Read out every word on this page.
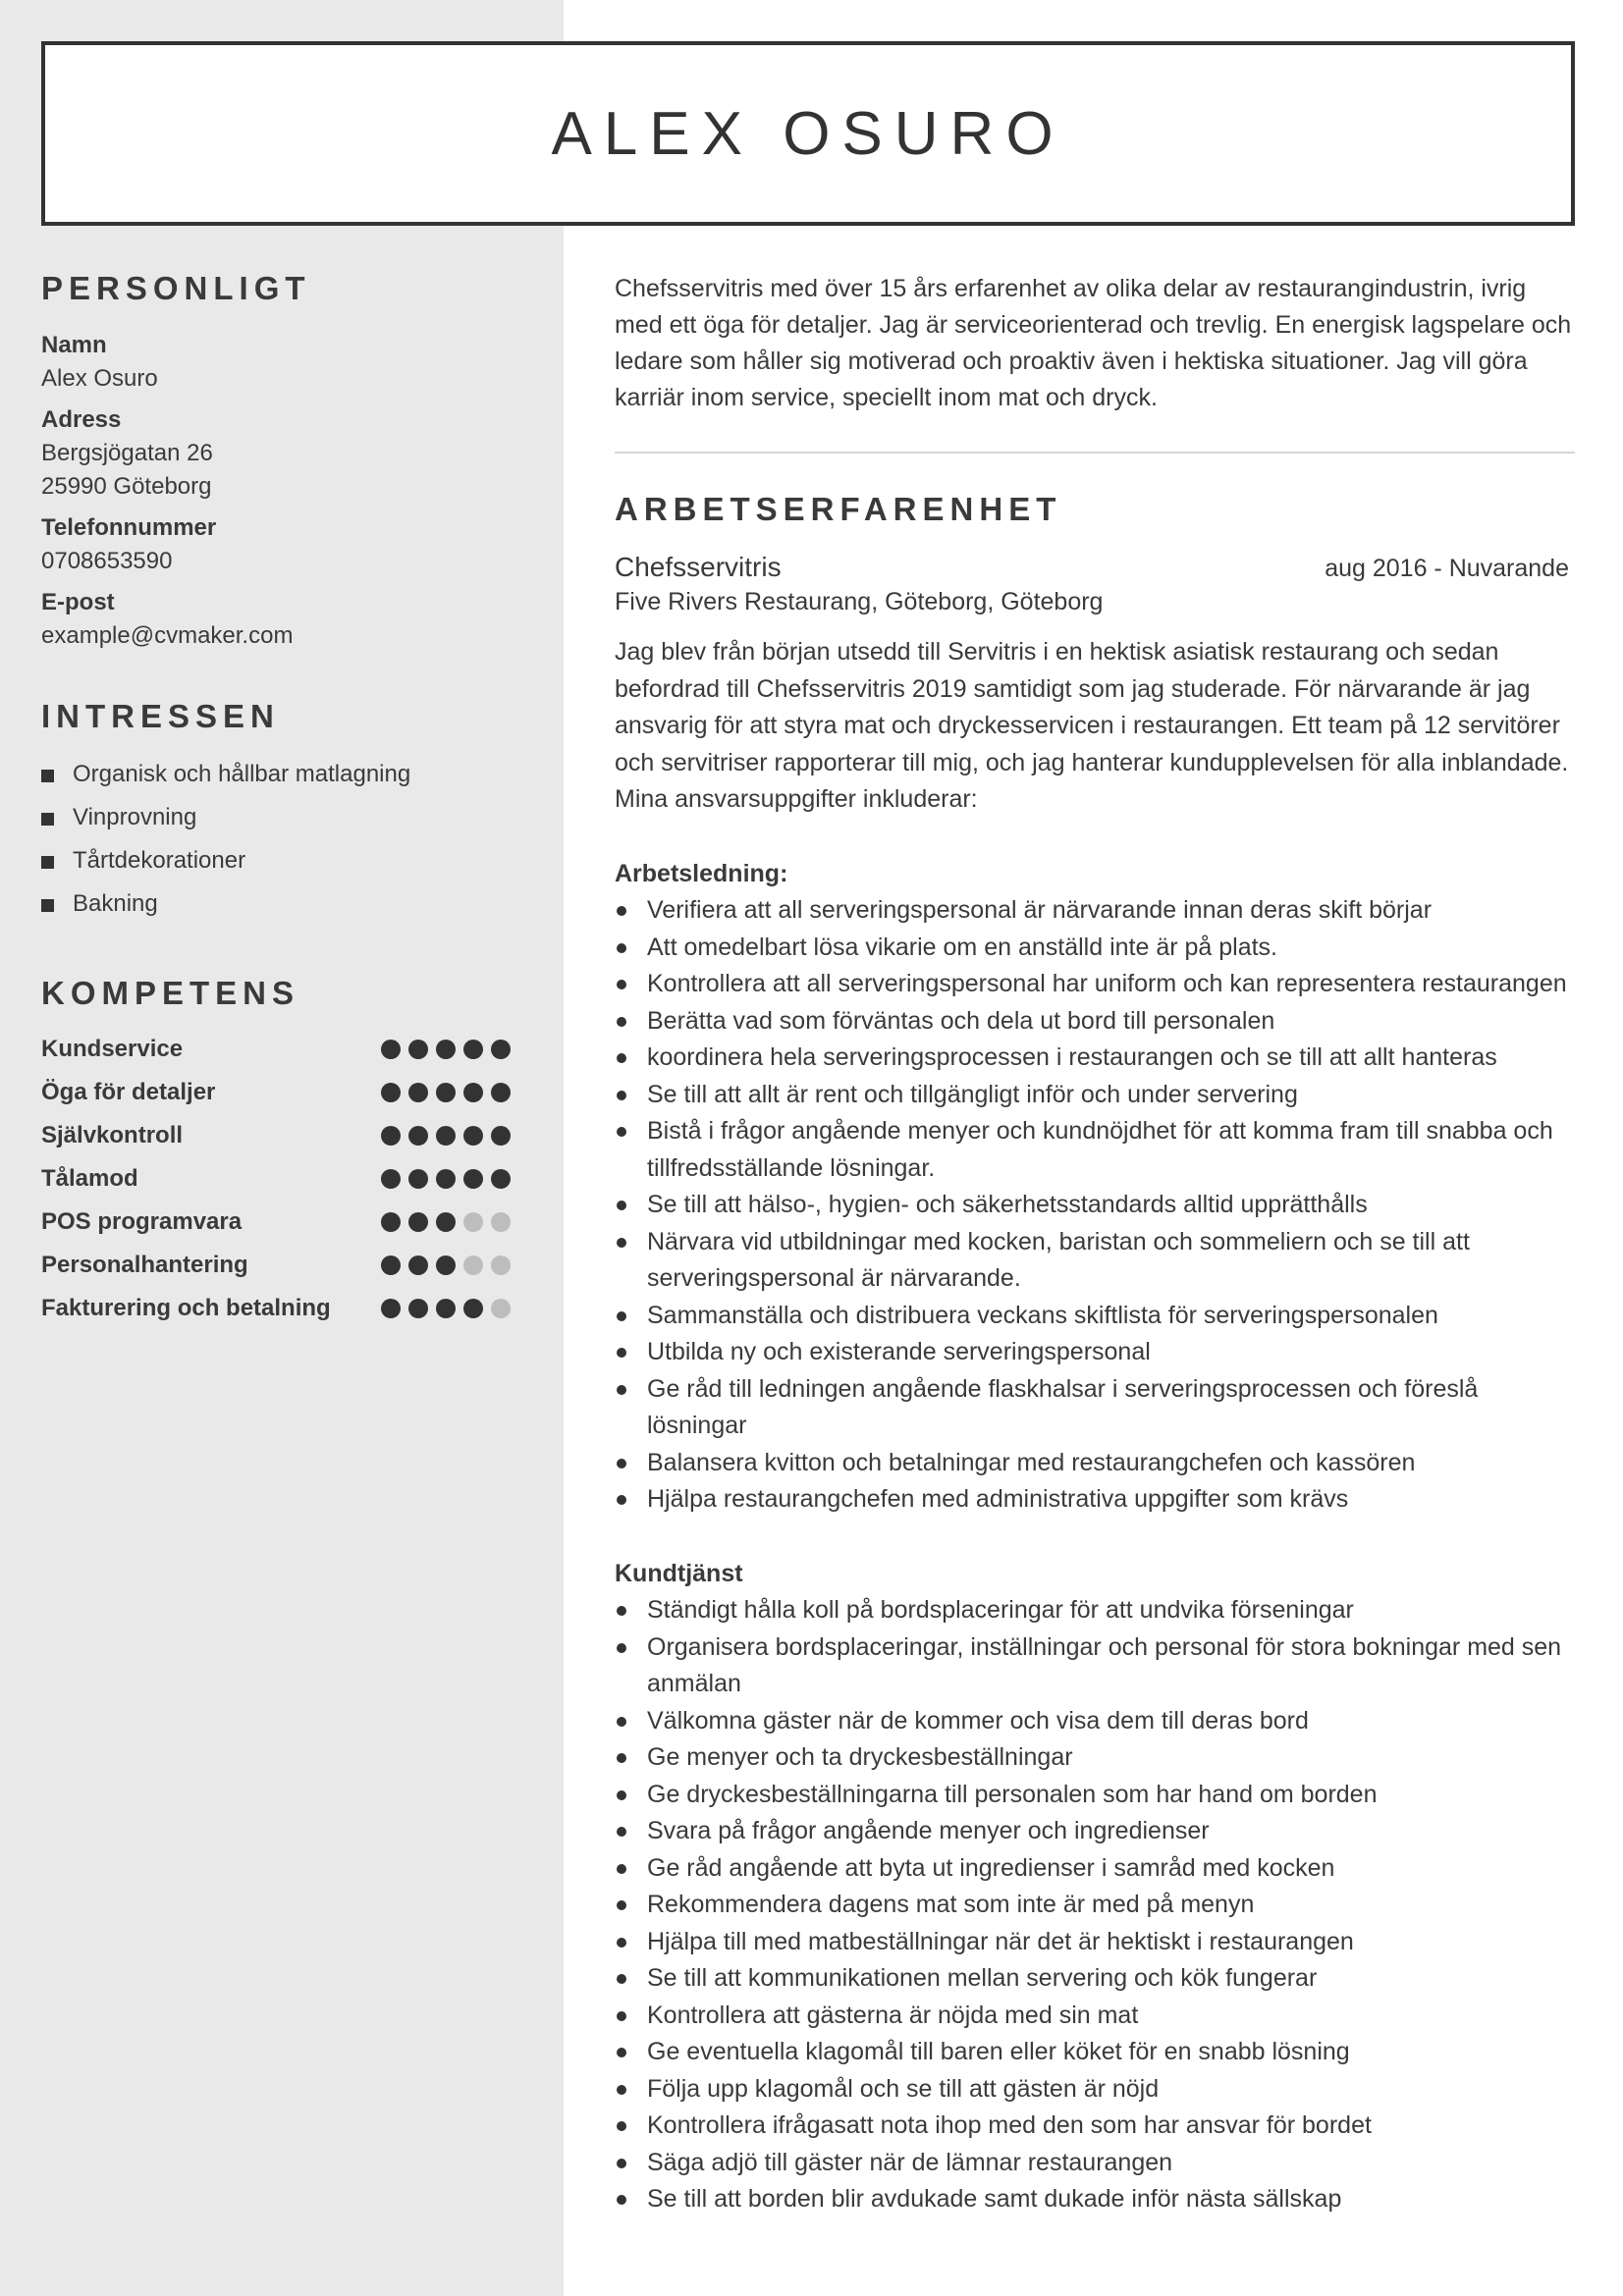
ALEX OSURO
PERSONLIGT

Namn

Alex Osuro

Adress

Bergsjögatan 26

25990 Göteborg

Telefonnummer

0708653590

E-post

example@cvmaker.com

INTRESSEN
Organisk och hållbar matlagning
Vinprovning
Tårtdekorationer
Bakning
KOMPETENS
Kundservice
Öga för detaljer
Självkontroll
Tålamod
POS programvara
Personalhantering
Fakturering och betalning

Chefsservitris med över 15 års erfarenhet av olika delar av restaurangindustrin, ivrig med ett öga för detaljer. Jag är serviceorienterad och trevlig. En energisk lagspelare och ledare som håller sig motiverad och proaktiv även i hektiska situationer. Jag vill göra karriär inom service, speciellt inom mat och dryck.

ARBETSERFARENHET
Chefsservitris	aug 2016 - Nuvarande
Five Rivers Restaurang, Göteborg, Göteborg

Jag blev från början utsedd till Servitris i en hektisk asiatisk restaurang och sedan befordrad till Chefsservitris 2019 samtidigt som jag studerade. För närvarande är jag ansvarig för att styra mat och dryckesservicen i restaurangen. Ett team på 12 servitörer och servitriser rapporterar till mig, och jag hanterar kundupplevelsen för alla inblandade. Mina ansvarsuppgifter inkluderar:

Arbetsledning:

Verifiera att all serveringspersonal är närvarande innan deras skift börjar
Att omedelbart lösa vikarie om en anställd inte är på plats.
Kontrollera att all serveringspersonal har uniform och kan representera restaurangen
Berätta vad som förväntas och dela ut bord till personalen
koordinera hela serveringsprocessen i restaurangen och se till att allt hanteras
Se till att allt är rent och tillgängligt inför och under servering
Bistå i frågor angående menyer och kundnöjdhet för att komma fram till snabba och tillfredsställande lösningar.
Se till att hälso-, hygien- och säkerhetsstandards alltid upprätthålls
Närvara vid utbildningar med kocken, baristan och sommeliern och se till att serveringspersonal är närvarande.
Sammanställa och distribuera veckans skiftlista för serveringspersonalen
Utbilda ny och existerande serveringspersonal
Ge råd till ledningen angående flaskhalsar i serveringsprocessen och föreslå lösningar
Balansera kvitton och betalningar med restaurangchefen och kassören
Hjälpa restaurangchefen med administrativa uppgifter som krävs

Kundtjänst

Ständigt hålla koll på bordsplaceringar för att undvika förseningar
Organisera bordsplaceringar, inställningar och personal för stora bokningar med sen anmälan
Välkomna gäster när de kommer och visa dem till deras bord
Ge menyer och ta dryckesbeställningar
Ge dryckesbeställningarna till personalen som har hand om borden
Svara på frågor angående menyer och ingredienser
Ge råd angående att byta ut ingredienser i samråd med kocken
Rekommendera dagens mat som inte är med på menyn
Hjälpa till med matbeställningar när det är hektiskt i restaurangen
Se till att kommunikationen mellan servering och kök fungerar
Kontrollera att gästerna är nöjda med sin mat
Ge eventuella klagomål till baren eller köket för en snabb lösning
Följa upp klagomål och se till att gästen är nöjd
Kontrollera ifrågasatt nota ihop med den som har ansvar för bordet
Säga adjö till gäster när de lämnar restaurangen
Se till att borden blir avdukade samt dukade inför nästa sällskap
